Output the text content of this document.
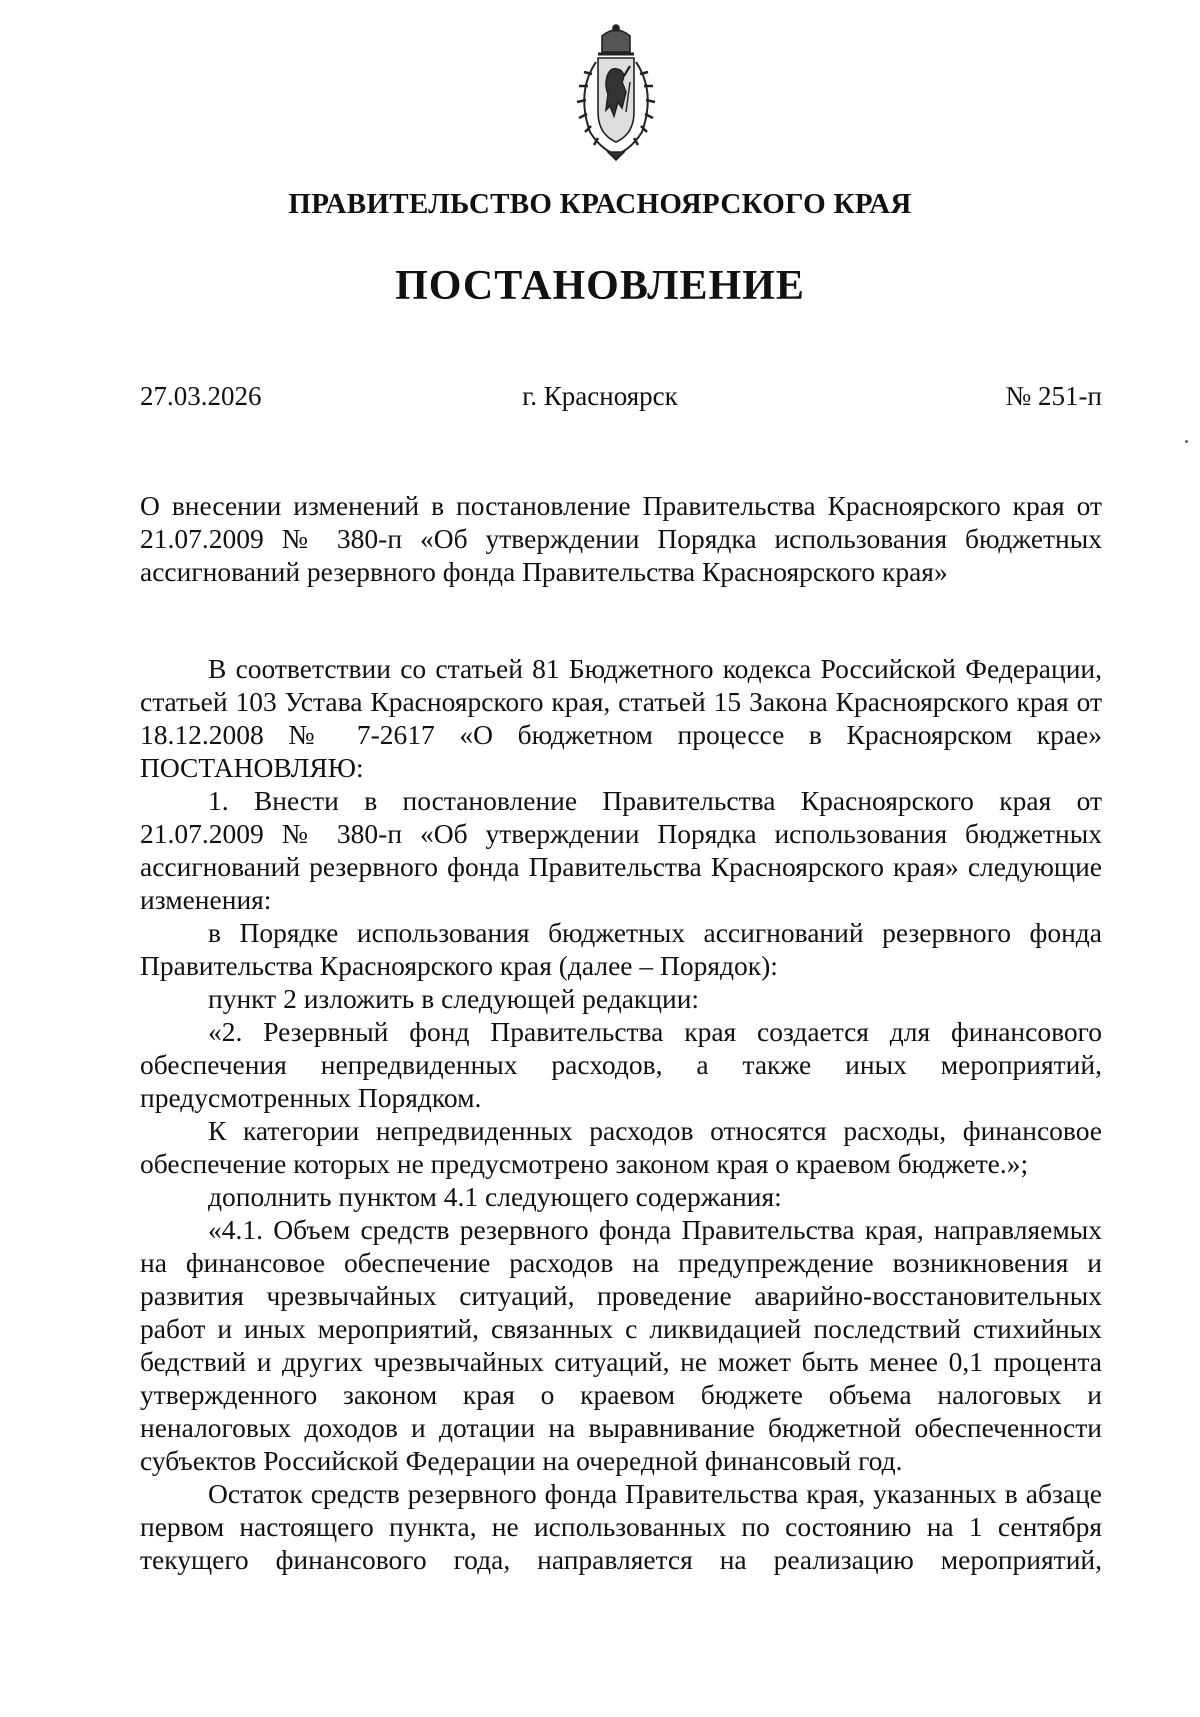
ПРАВИТЕЛЬСТВО КРАСНОЯРСКОГО КРАЯ
ПОСТАНОВЛЕНИЕ
27.03.2026	г. Красноярск	№ 251-п
О внесении изменений в постановление Правительства Красноярского края от 21.07.2009 № 380-п «Об утверждении Порядка использования бюджетных ассигнований резервного фонда Правительства Красноярского края»

В соответствии со статьей 81 Бюджетного кодекса Российской Федерации, статьей 103 Устава Красноярского края, статьей 15 Закона Красноярского края от 18.12.2008 № 7-2617 «О бюджетном процессе в Красноярском крае» ПОСТАНОВЛЯЮ:

1. Внести в постановление Правительства Красноярского края от 21.07.2009 № 380-п «Об утверждении Порядка использования бюджетных ассигнований резервного фонда Правительства Красноярского края» следующие изменения:

в Порядке использования бюджетных ассигнований резервного фонда Правительства Красноярского края (далее – Порядок):

пункт 2 изложить в следующей редакции:

«2. Резервный фонд Правительства края создается для финансового обеспечения непредвиденных расходов, а также иных мероприятий, предусмотренных Порядком.

К категории непредвиденных расходов относятся расходы, финансовое обеспечение которых не предусмотрено законом края о краевом бюджете.»;

дополнить пунктом 4.1 следующего содержания:

«4.1. Объем средств резервного фонда Правительства края, направляемых на финансовое обеспечение расходов на предупреждение возникновения и развития чрезвычайных ситуаций, проведение аварийно-восстановительных работ и иных мероприятий, связанных с ликвидацией последствий стихийных бедствий и других чрезвычайных ситуаций, не может быть менее 0,1 процента утвержденного законом края о краевом бюджете объема налоговых и неналоговых доходов и дотации на выравнивание бюджетной обеспеченности субъектов Российской Федерации на очередной финансовый год.

Остаток средств резервного фонда Правительства края, указанных в абзаце первом настоящего пункта, не использованных по состоянию на 1 сентября текущего финансового года, направляется на реализацию мероприятий,
